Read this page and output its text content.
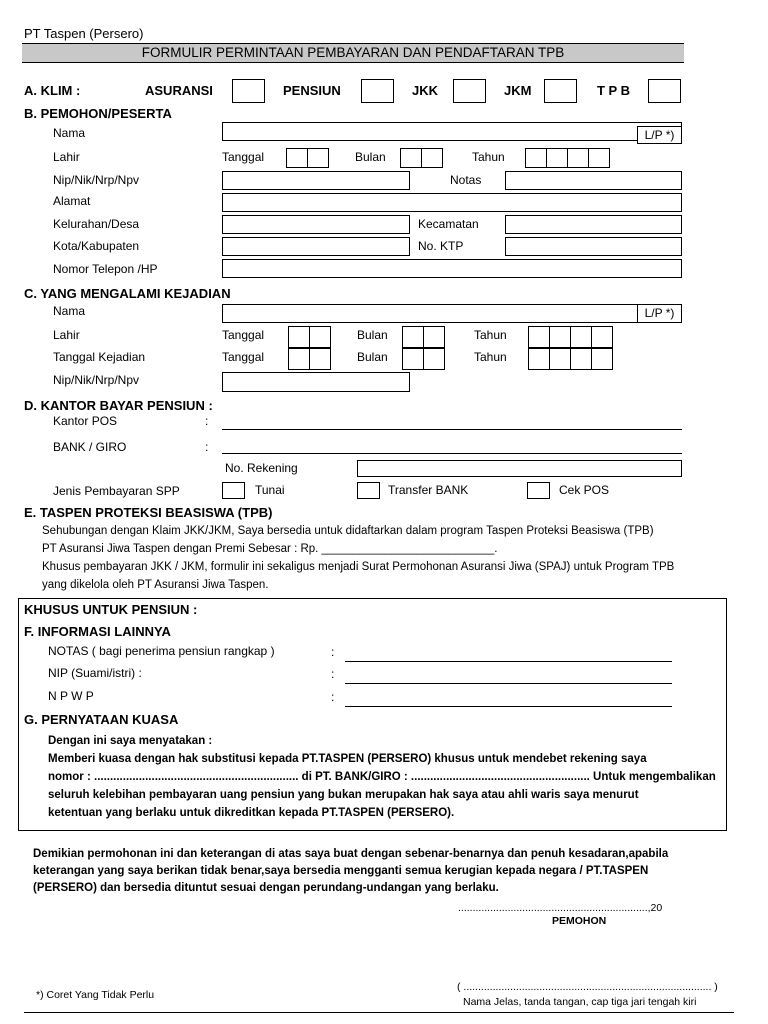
PT Taspen (Persero)
FORMULIR PERMINTAAN PEMBAYARAN DAN PENDAFTARAN TPB
A. KLIM :	ASURANSI	PENSIUN	JKK	JKM	T P B
B. PEMOHON/PESERTA
Nama	L/P *)
Lahir	Tanggal	Bulan	Tahun
Nip/Nik/Nrp/Npv	Notas
Alamat
Kelurahan/Desa	Kecamatan
Kota/Kabupaten	No. KTP
Nomor Telepon /HP
C. YANG MENGALAMI KEJADIAN
Nama	L/P *)
Lahir	Tanggal	Bulan	Tahun
Tanggal Kejadian	Tanggal	Bulan	Tahun
Nip/Nik/Nrp/Npv
D. KANTOR BAYAR PENSIUN :
Kantor POS	:
BANK / GIRO	:
No. Rekening
Jenis Pembayaran SPP	Tunai	Transfer BANK	Cek POS
E. TASPEN PROTEKSI BEASISWA (TPB)
Sehubungan dengan Klaim JKK/JKM, Saya bersedia untuk didaftarkan dalam program Taspen Proteksi Beasiswa (TPB)
PT Asuransi Jiwa Taspen dengan Premi Sebesar : Rp. ___________________________.
Khusus pembayaran JKK / JKM, formulir ini sekaligus menjadi Surat Permohonan Asuransi Jiwa (SPAJ) untuk Program TPB
yang dikelola oleh PT Asuransi Jiwa Taspen.
KHUSUS UNTUK PENSIUN :
F. INFORMASI LAINNYA
NOTAS ( bagi penerima pensiun rangkap )	:
NIP (Suami/istri) :	:
N P W P	:
G. PERNYATAAN KUASA
Dengan ini saya menyatakan :
Memberi kuasa dengan hak substitusi kepada PT.TASPEN (PERSERO) khusus untuk mendebet rekening saya
nomor : ................................................................ di PT. BANK/GIRO : ........................................................ Untuk mengembalikan
seluruh kelebihan pembayaran uang pensiun yang bukan merupakan hak saya atau ahli waris saya menurut
ketentuan yang berlaku untuk dikreditkan kepada PT.TASPEN (PERSERO).
Demikian permohonan ini dan keterangan di atas saya buat dengan sebenar-benarnya dan penuh kesadaran,apabila
keterangan yang saya berikan tidak benar,saya bersedia mengganti semua kerugian kepada negara / PT.TASPEN
(PERSERO) dan bersedia dituntut sesuai dengan perundang-undangan yang berlaku.
.................................................................,20
PEMOHON
*) Coret Yang Tidak Perlu
( ..................................................................................... )
Nama Jelas, tanda tangan, cap tiga jari tengah kiri
